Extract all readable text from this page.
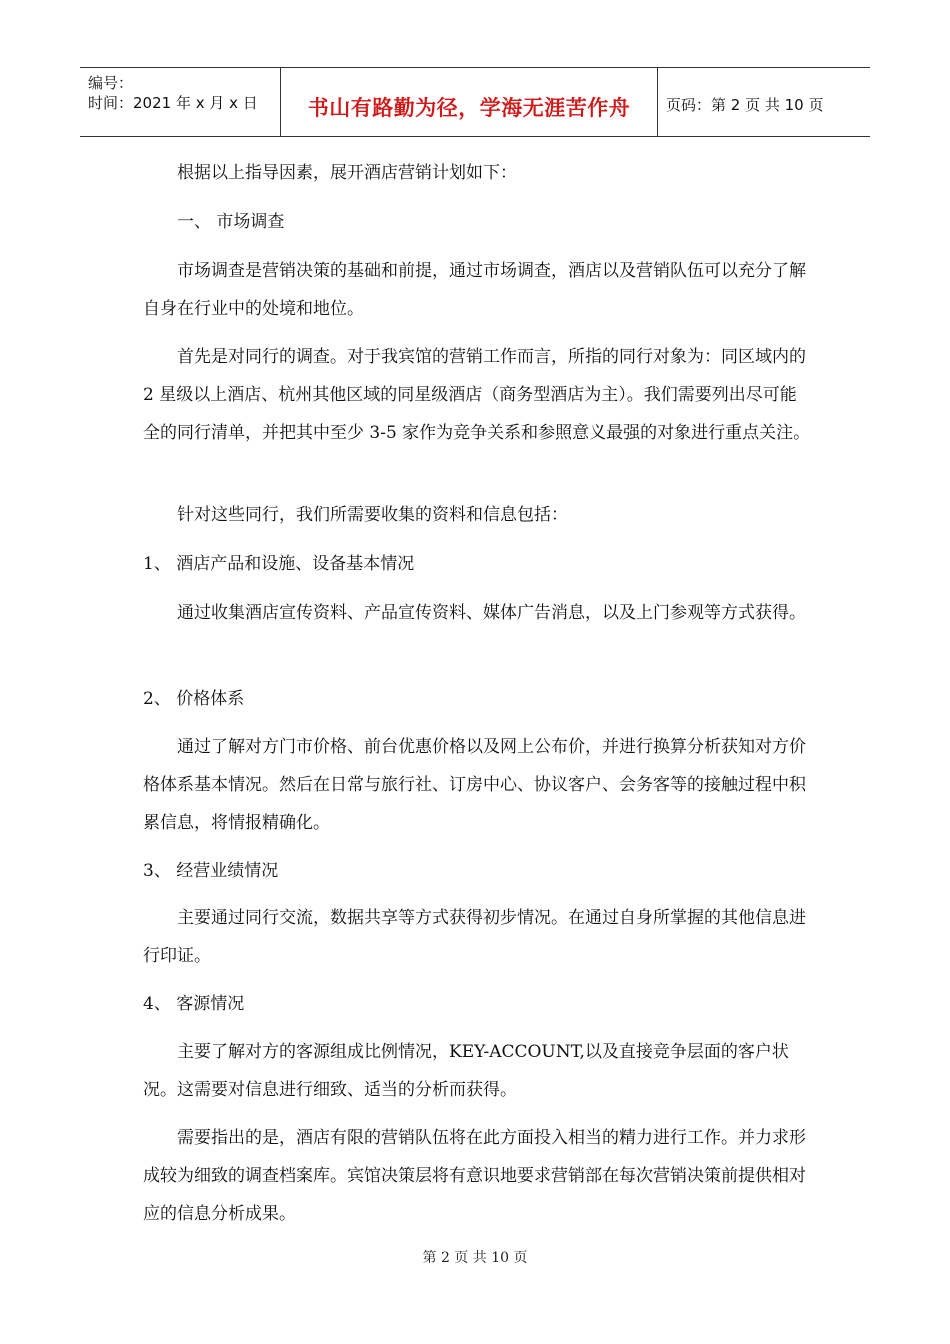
编号：
时间：2021 年 x 月 x 日	书山有路勤为径，学海无涯苦作舟	页码：第 2 页 共 10 页

根据以上指导因素，展开酒店营销计划如下：

一、 市场调查

市场调查是营销决策的基础和前提，通过市场调查，酒店以及营销队伍可以充分了解自身在行业中的处境和地位。

首先是对同行的调查。对于我宾馆的营销工作而言，所指的同行对象为：同区域内的 2 星级以上酒店、杭州其他区域的同星级酒店（商务型酒店为主）。我们需要列出尽可能全的同行清单，并把其中至少 3-5 家作为竞争关系和参照意义最强的对象进行重点关注。

针对这些同行，我们所需要收集的资料和信息包括：

1、 酒店产品和设施、设备基本情况

通过收集酒店宣传资料、产品宣传资料、媒体广告消息，以及上门参观等方式获得。

2、 价格体系

通过了解对方门市价格、前台优惠价格以及网上公布价，并进行换算分析获知对方价格体系基本情况。然后在日常与旅行社、订房中心、协议客户、会务客等的接触过程中积累信息，将情报精确化。

3、 经营业绩情况

主要通过同行交流，数据共享等方式获得初步情况。在通过自身所掌握的其他信息进行印证。

4、 客源情况

主要了解对方的客源组成比例情况，KEY-ACCOUNT,以及直接竞争层面的客户状况。这需要对信息进行细致、适当的分析而获得。

需要指出的是，酒店有限的营销队伍将在此方面投入相当的精力进行工作。并力求形成较为细致的调查档案库。宾馆决策层将有意识地要求营销部在每次营销决策前提供相对应的信息分析成果。

第 2 页 共 10 页
